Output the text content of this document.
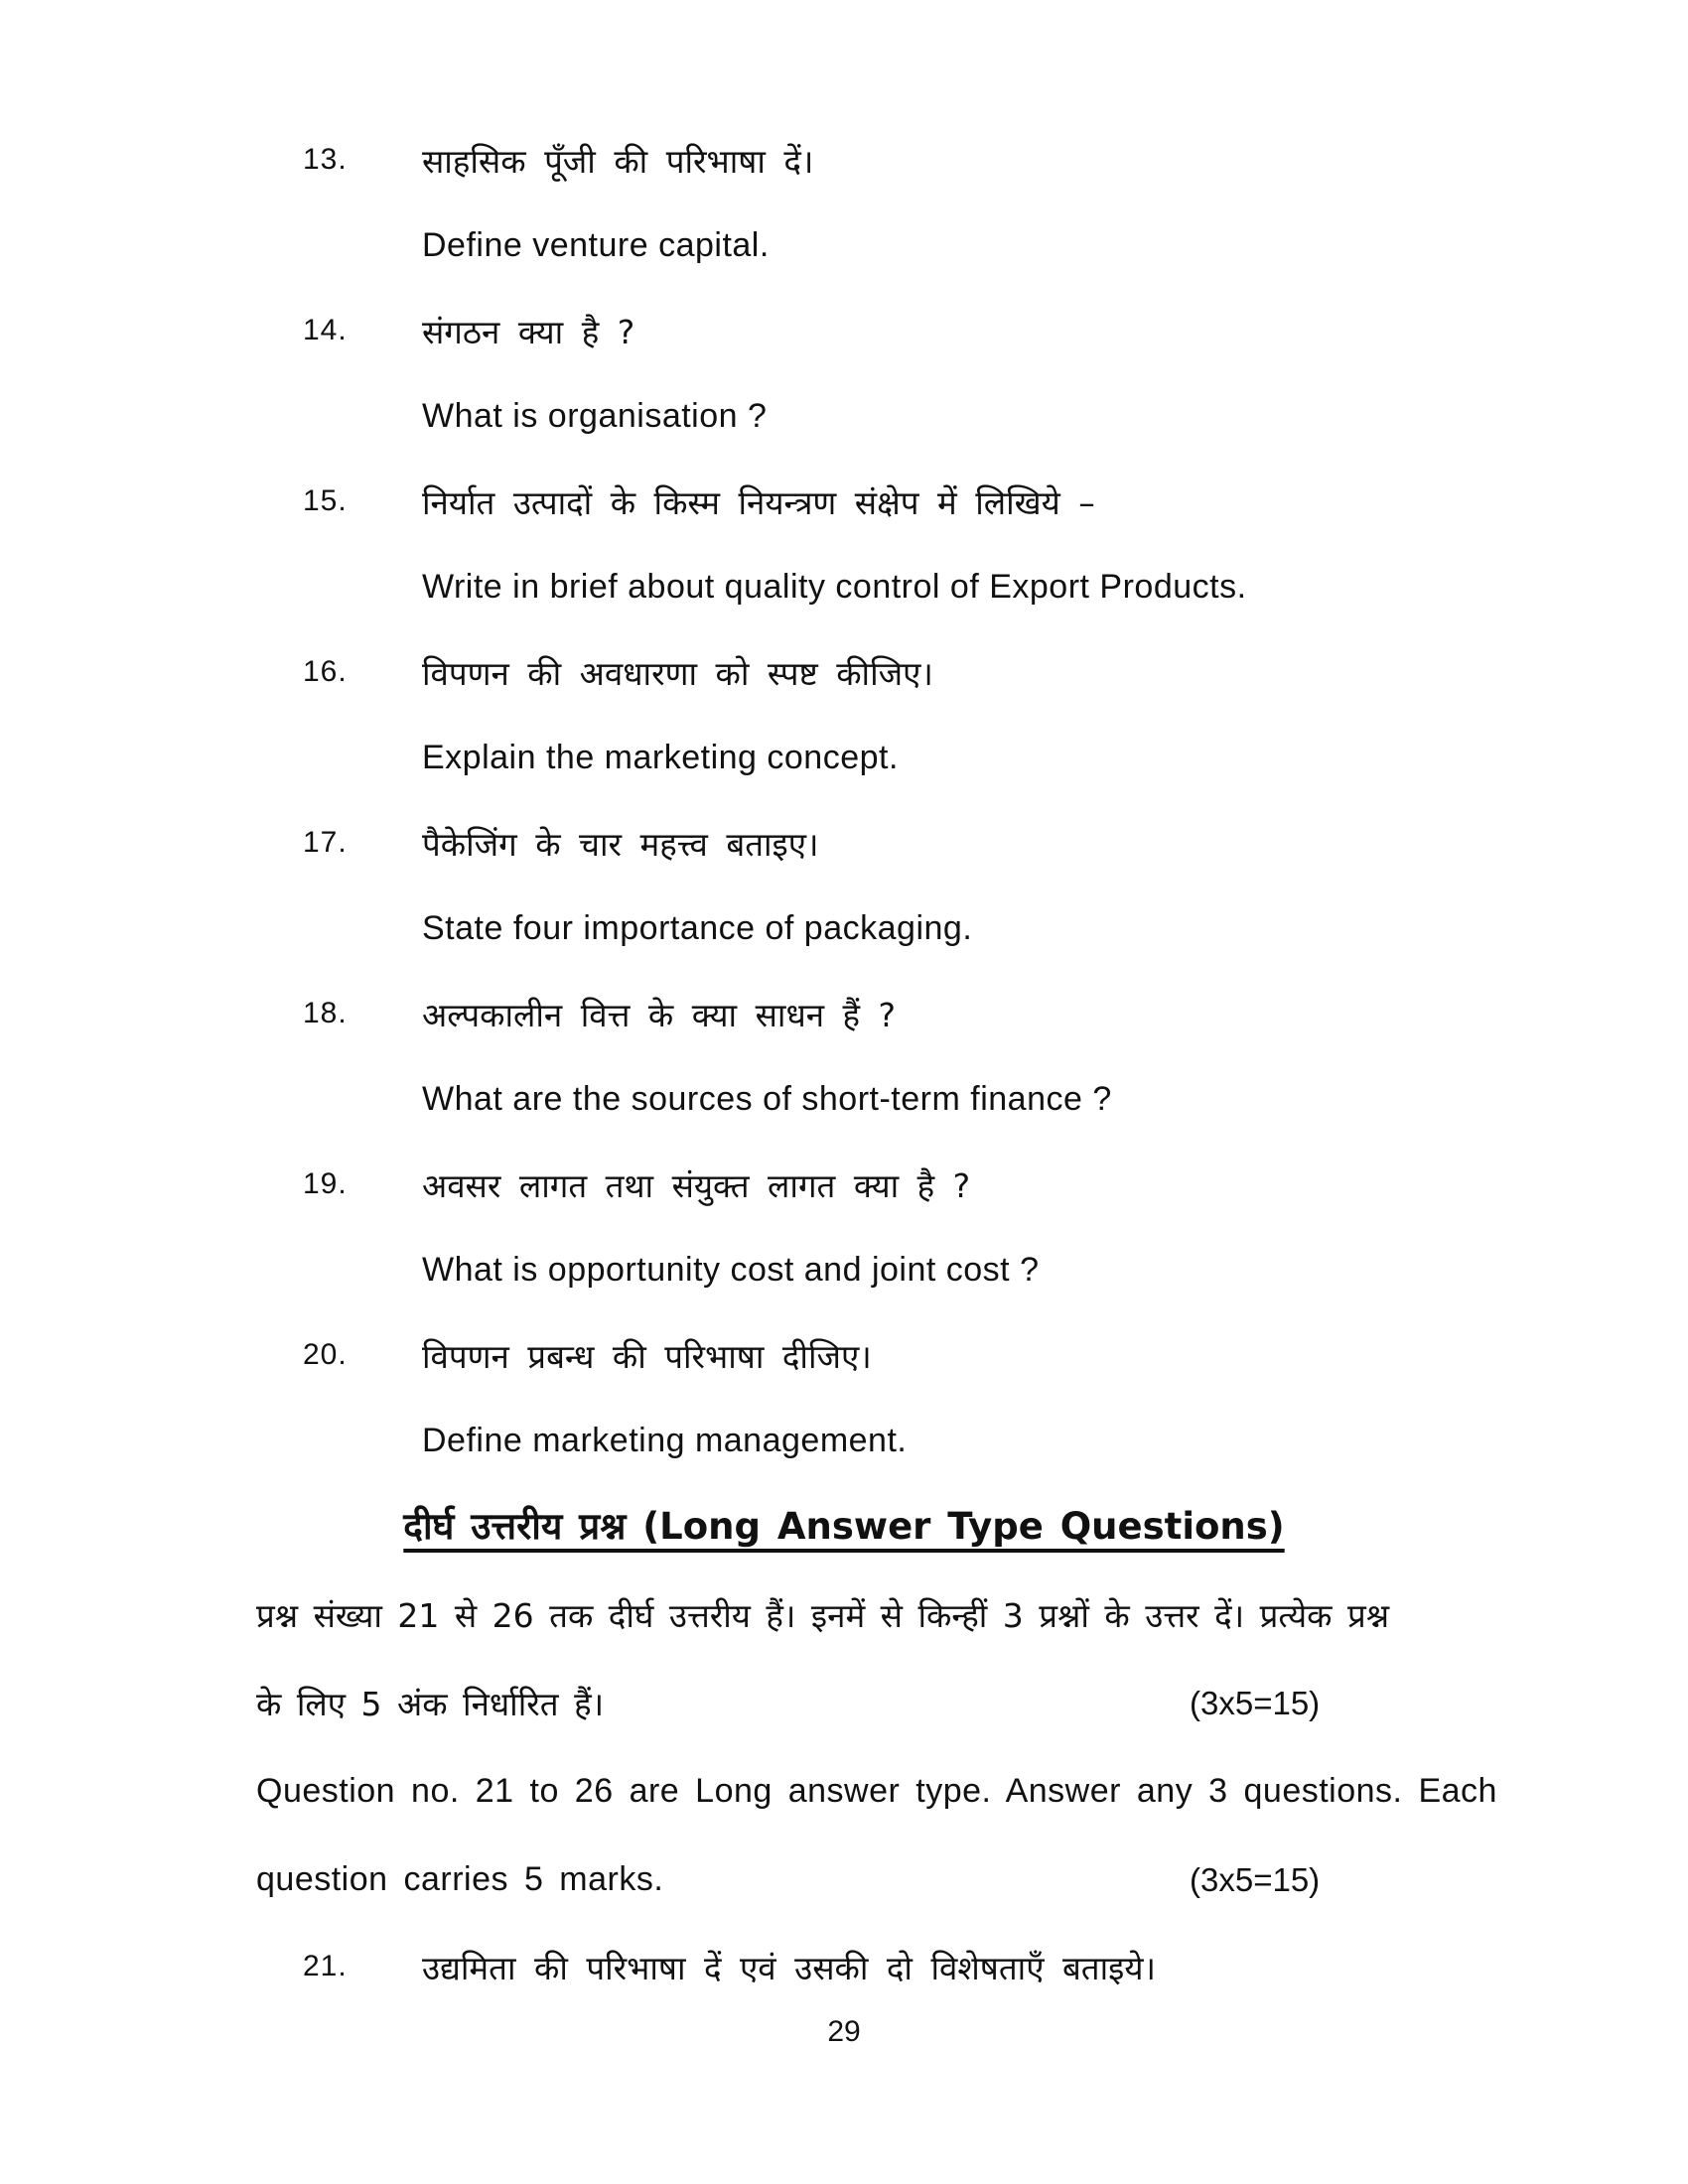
13.	साहसिक पूँजी की परिभाषा दें।
Define venture capital.
14.	संगठन क्या है ?
What is organisation ?
15.	निर्यात उत्पादों के किस्म नियन्त्रण संक्षेप में लिखिये –
Write in brief about quality control of Export Products.
16.	विपणन की अवधारणा को स्पष्ट कीजिए।
Explain the marketing concept.
17.	पैकेजिंग के चार महत्त्व बताइए।
State four importance of packaging.
18.	अल्पकालीन वित्त के क्या साधन हैं ?
What are the sources of short-term finance ?
19.	अवसर लागत तथा संयुक्त लागत क्या है ?
What is opportunity cost and joint cost ?
20.	विपणन प्रबन्ध की परिभाषा दीजिए।
Define marketing management.
दीर्घ उत्तरीय प्रश्न (Long Answer Type Questions)
प्रश्न संख्या 21 से 26 तक दीर्घ उत्तरीय हैं। इनमें से किन्हीं 3 प्रश्नों के उत्तर दें। प्रत्येक प्रश्न
के लिए 5 अंक निर्धारित हैं।	(3x5=15)
Question no. 21 to 26 are Long answer type. Answer any 3 questions. Each
question carries 5 marks.	(3x5=15)
21.	उद्यमिता की परिभाषा दें एवं उसकी दो विशेषताएँ बताइये।
29
